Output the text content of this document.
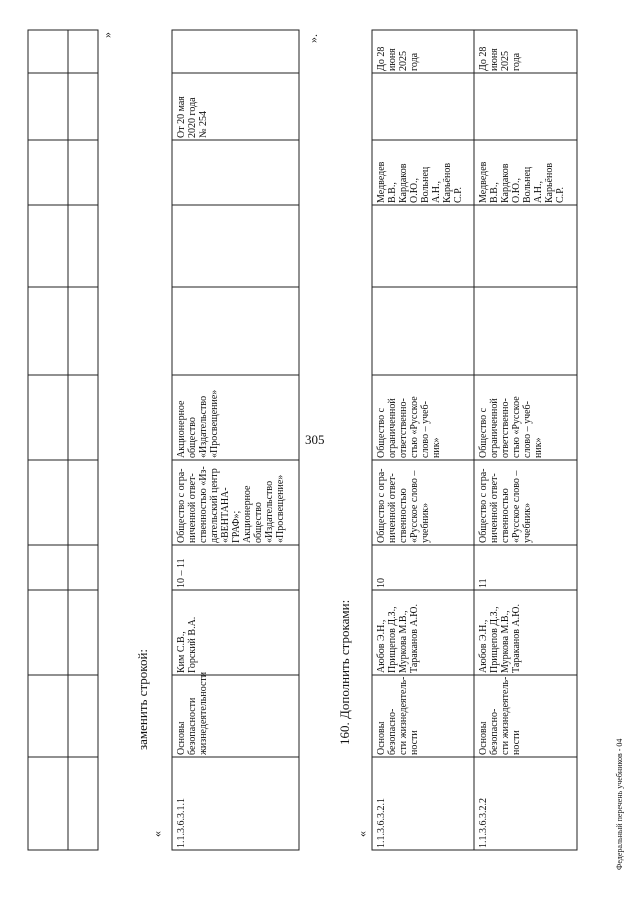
305
Федеральный перечень учебников - 04
»
заменить строкой:
«
».
160. Дополнить строками:
«
1.1.3.6.3.1.1
Основы
безопасности
жизнедеятельности
Ким С.В.,
Горский В.А.
10 – 11
Общество с огра-
ниченной ответ-
ственностью «Из-
дательский центр
«ВЕНТАНА-
ГРАФ»;
Акционерное
общество
«Издательство
«Просвещение»
Акционерное
общество
«Издательство
«Просвещение»
От 20 мая
2020 года
№ 254
1.1.3.6.3.2.1
Основы безопасно-
сти жизнедеятель-
ности
Аюбов Э.Н.,
Прищепов Д.З.,
Муркова М.В.,
Тараканов А.Ю.
10
Общество с огра-
ниченной ответ-
ственностью
«Русское слово –
учебник»
Общество с
ограниченной
ответственно-
стью «Русское
слово – учеб-
ник»
Медведев
В.В.,
Кардаков
О.Ю.,
Вольнец
А.Н.,
Карьёнов
С.Р.
До 28
июня
2025
года
1.1.3.6.3.2.2
Основы безопасно-
сти жизнедеятель-
ности
Аюбов Э.Н.,
Прищепов Д.З.,
Муркова М.В.,
Тараканов А.Ю.
11
Общество с огра-
ниченной ответ-
ственностью
«Русское слово –
учебник»
Общество с
ограниченной
ответственно-
стью «Русское
слово – учеб-
ник»
Медведев
В.В.,
Кардаков
О.Ю.,
Вольнец
А.Н.,
Карьёнов
С.Р.
До 28
июня
2025
года
